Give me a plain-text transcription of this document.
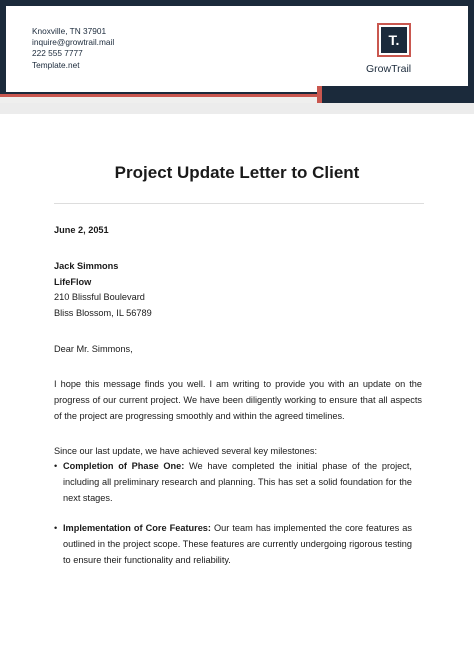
Knoxville, TN 37901
inquire@growtrail.mail
222 555 7777
Template.net
T.
GrowTrail
Project Update Letter to Client
June 2, 2051
Jack Simmons
LifeFlow
210 Blissful Boulevard
Bliss Blossom, IL 56789
Dear Mr. Simmons,
I hope this message finds you well. I am writing to provide you with an update on the progress of our current project. We have been diligently working to ensure that all aspects of the project are progressing smoothly and within the agreed timelines.
Since our last update, we have achieved several key milestones:
• Completion of Phase One: We have completed the initial phase of the project, including all preliminary research and planning. This has set a solid foundation for the next stages.
• Implementation of Core Features: Our team has implemented the core features as outlined in the project scope. These features are currently undergoing rigorous testing to ensure their functionality and reliability.
